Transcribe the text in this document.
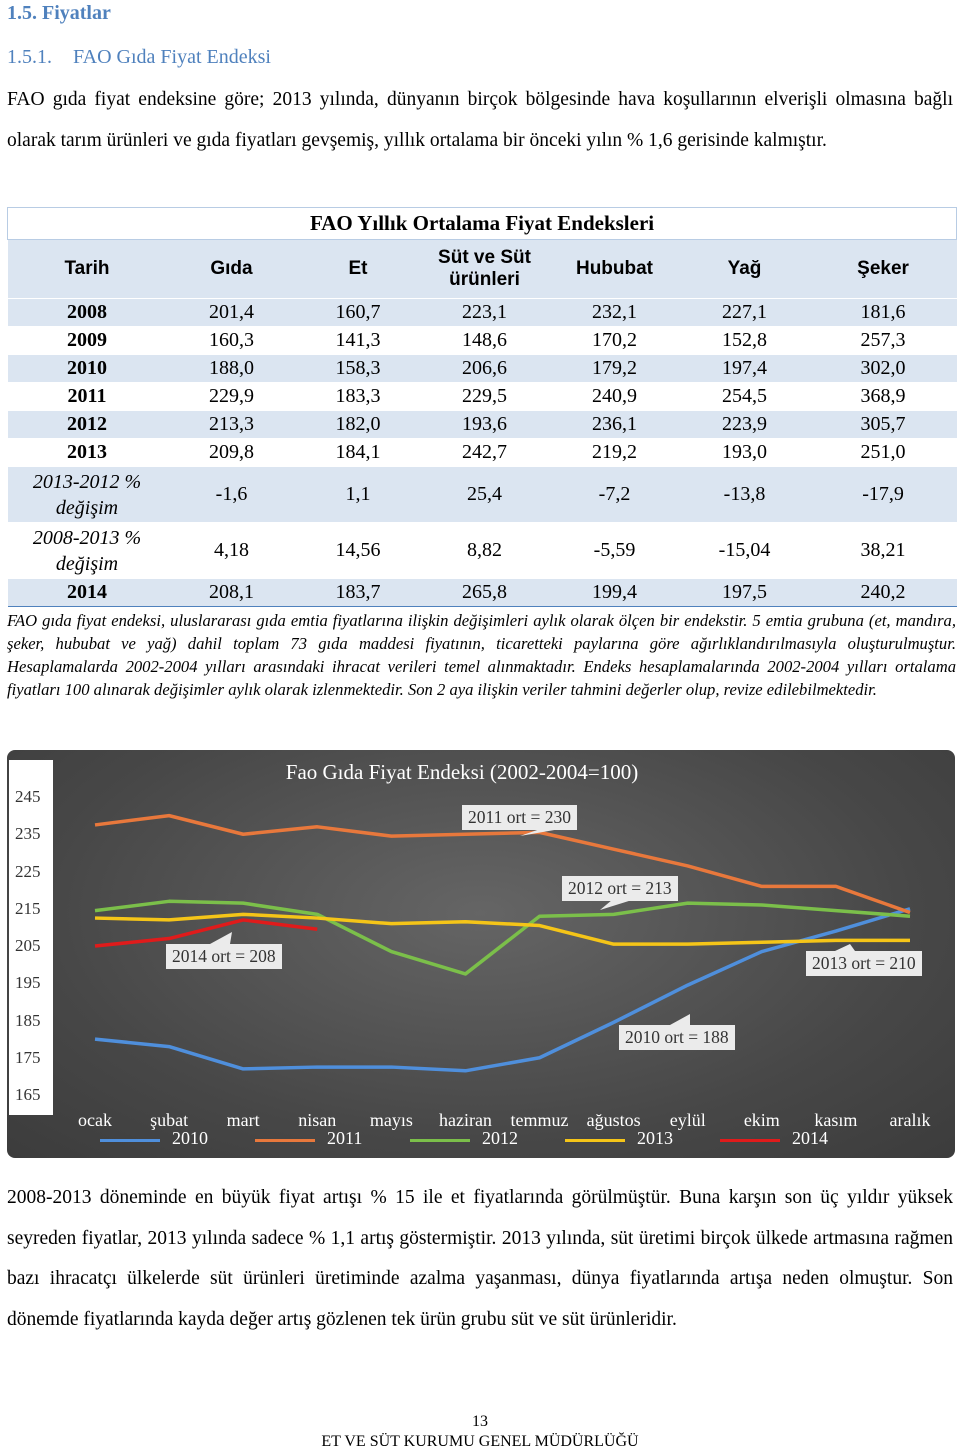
1.5. Fiyatlar
1.5.1. FAO Gıda Fiyat Endeksi
FAO gıda fiyat endeksine göre; 2013 yılında, dünyanın birçok bölgesinde hava koşullarının elverişli olmasına bağlı olarak tarım ürünleri ve gıda fiyatları gevşemiş, yıllık ortalama bir önceki yılın % 1,6 gerisinde kalmıştır.
FAO Yıllık Ortalama Fiyat Endeksleri						
Tarih	Gıda	Et	Süt ve Süt ürünleri	Hububat	Yağ	Şeker
2008	201,4	160,7	223,1	232,1	227,1	181,6
2009	160,3	141,3	148,6	170,2	152,8	257,3
2010	188,0	158,3	206,6	179,2	197,4	302,0
2011	229,9	183,3	229,5	240,9	254,5	368,9
2012	213,3	182,0	193,6	236,1	223,9	305,7
2013	209,8	184,1	242,7	219,2	193,0	251,0
2013-2012 % değişim	-1,6	1,1	25,4	-7,2	-13,8	-17,9
2008-2013 % değişim	4,18	14,56	8,82	-5,59	-15,04	38,21
2014	208,1	183,7	265,8	199,4	197,5	240,2
FAO gıda fiyat endeksi, uluslararası gıda emtia fiyatlarına ilişkin değişimleri aylık olarak ölçen bir endekstir. 5 emtia grubuna (et, mandıra, şeker, hububat ve yağ) dahil toplam 73 gıda maddesi fiyatının, ticaretteki paylarına göre ağırlıklandırılmasıyla oluşturulmuştur. Hesaplamalarda 2002-2004 yılları arasındaki ihracat verileri temel alınmaktadır. Endeks hesaplamalarında 2002-2004 yılları ortalama fiyatları 100 alınarak değişimler aylık olarak izlenmektedir. Son 2 aya ilişkin veriler tahmini değerler olup, revize edilebilmektedir.
Fao Gıda Fiyat Endeksi (2002-2004=100)
245
235
225
215
205
195
185
175
165
ocak	şubat	mart	nisan	mayıs	haziran temmuz ağustos	eylül	ekim	kasım	aralık
2010	2011	2012	2013	2014
2011 ort = 230
2012 ort = 213
2014 ort = 208	2013 ort = 210
2010 ort = 188
2008-2013 döneminde en büyük fiyat artışı % 15 ile et fiyatlarında görülmüştür. Buna karşın son üç yıldır yüksek seyreden fiyatlar, 2013 yılında sadece % 1,1 artış göstermiştir. 2013 yılında, süt üretimi birçok ülkede artmasına rağmen bazı ihracatçı ülkelerde süt ürünleri üretiminde azalma yaşanması, dünya fiyatlarında artışa neden olmuştur. Son dönemde fiyatlarında kayda değer artış gözlenen tek ürün grubu süt ve süt ürünleridir.
13
ET VE SÜT KURUMU GENEL MÜDÜRLÜĞÜ
